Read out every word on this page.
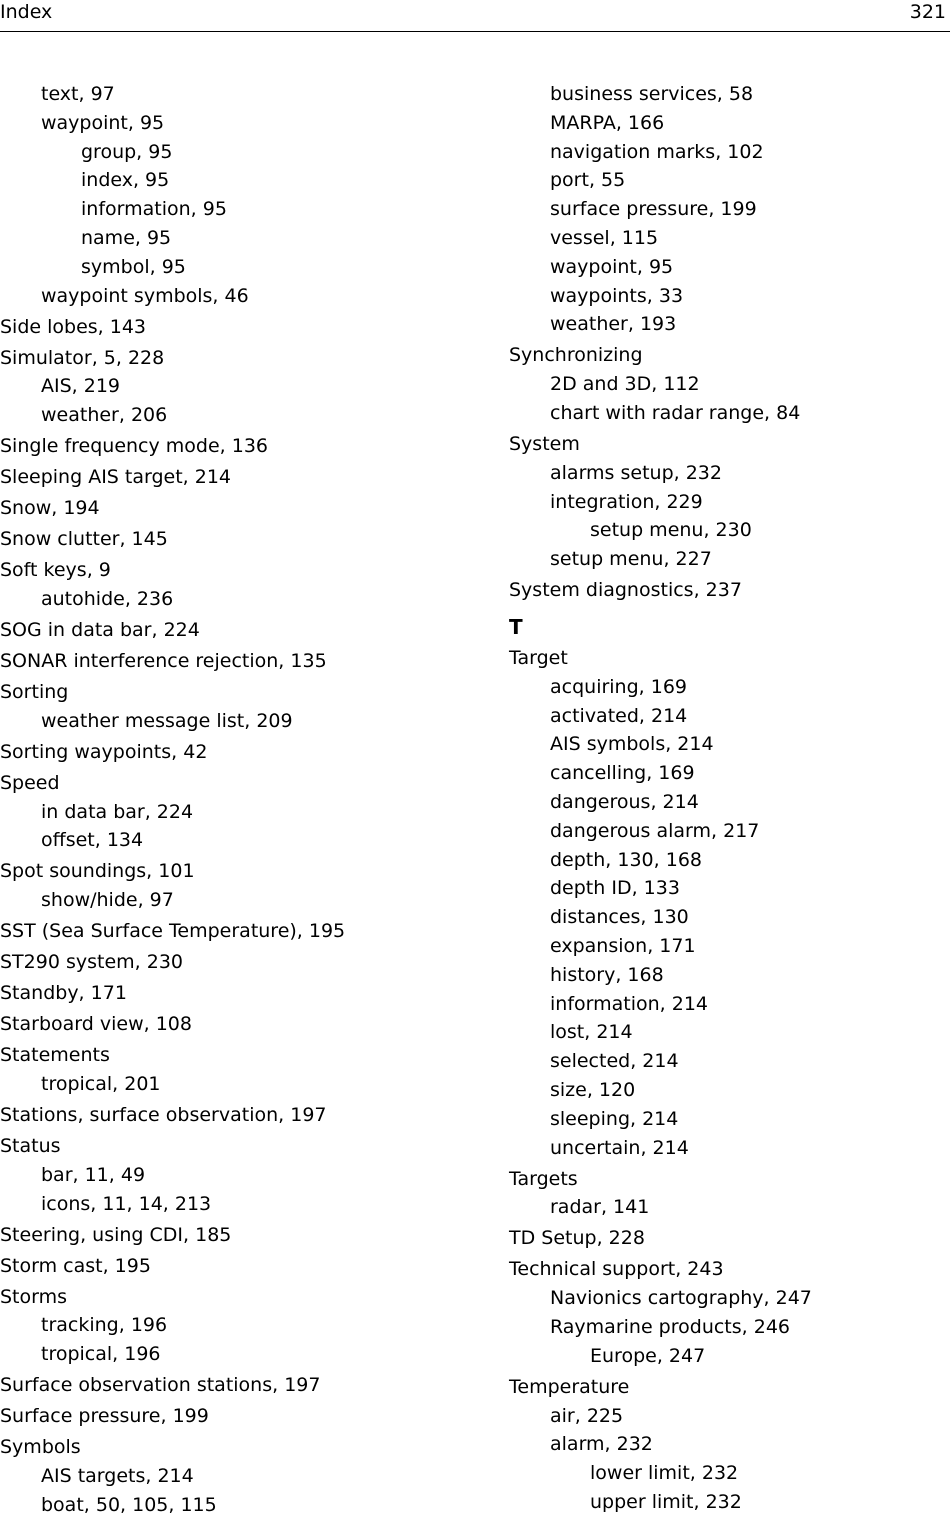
Index	321
text, 97
waypoint, 95
group, 95
index, 95
information, 95
name, 95
symbol, 95
waypoint symbols, 46
Side lobes, 143
Simulator, 5, 228
AIS, 219
weather, 206
Single frequency mode, 136
Sleeping AIS target, 214
Snow, 194
Snow clutter, 145
Soft keys, 9
autohide, 236
SOG in data bar, 224
SONAR interference rejection, 135
Sorting
weather message list, 209
Sorting waypoints, 42
Speed
in data bar, 224
offset, 134
Spot soundings, 101
show/hide, 97
SST (Sea Surface Temperature), 195
ST290 system, 230
Standby, 171
Starboard view, 108
Statements
tropical, 201
Stations, surface observation, 197
Status
bar, 11, 49
icons, 11, 14, 213
Steering, using CDI, 185
Storm cast, 195
Storms
tracking, 196
tropical, 196
Surface observation stations, 197
Surface pressure, 199
Symbols
AIS targets, 214
boat, 50, 105, 115
business services, 58
MARPA, 166
navigation marks, 102
port, 55
surface pressure, 199
vessel, 115
waypoint, 95
waypoints, 33
weather, 193
Synchronizing
2D and 3D, 112
chart with radar range, 84
System
alarms setup, 232
integration, 229
setup menu, 230
setup menu, 227
System diagnostics, 237
T
Target
acquiring, 169
activated, 214
AIS symbols, 214
cancelling, 169
dangerous, 214
dangerous alarm, 217
depth, 130, 168
depth ID, 133
distances, 130
expansion, 171
history, 168
information, 214
lost, 214
selected, 214
size, 120
sleeping, 214
uncertain, 214
Targets
radar, 141
TD Setup, 228
Technical support, 243
Navionics cartography, 247
Raymarine products, 246
Europe, 247
Temperature
air, 225
alarm, 232
lower limit, 232
upper limit, 232
